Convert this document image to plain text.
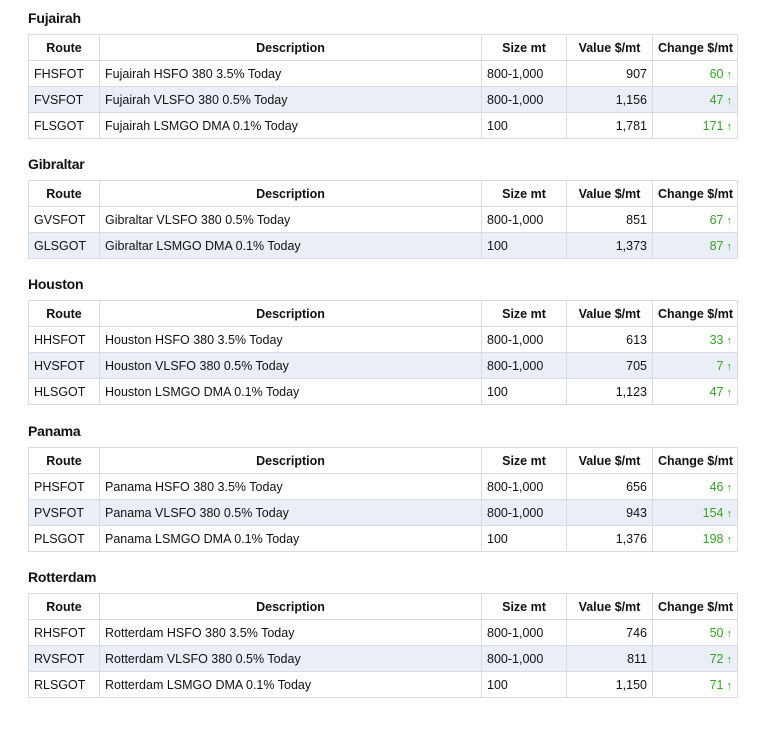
Fujairah
Route	Description	Size mt	Value $/mt	Change $/mt
FHSFOT	Fujairah HSFO 380 3.5% Today	800-1,000	907	60 ↑
FVSFOT	Fujairah VLSFO 380 0.5% Today	800-1,000	1,156	47 ↑
FLSGOT	Fujairah LSMGO DMA 0.1% Today	100	1,781	171 ↑
Gibraltar
Route	Description	Size mt	Value $/mt	Change $/mt
GVSFOT	Gibraltar VLSFO 380 0.5% Today	800-1,000	851	67 ↑
GLSGOT	Gibraltar LSMGO DMA 0.1% Today	100	1,373	87 ↑
Houston
Route	Description	Size mt	Value $/mt	Change $/mt
HHSFOT	Houston HSFO 380 3.5% Today	800-1,000	613	33 ↑
HVSFOT	Houston VLSFO 380 0.5% Today	800-1,000	705	7 ↑
HLSGOT	Houston LSMGO DMA 0.1% Today	100	1,123	47 ↑
Panama
Route	Description	Size mt	Value $/mt	Change $/mt
PHSFOT	Panama HSFO 380 3.5% Today	800-1,000	656	46 ↑
PVSFOT	Panama VLSFO 380 0.5% Today	800-1,000	943	154 ↑
PLSGOT	Panama LSMGO DMA 0.1% Today	100	1,376	198 ↑
Rotterdam
Route	Description	Size mt	Value $/mt	Change $/mt
RHSFOT	Rotterdam HSFO 380 3.5% Today	800-1,000	746	50 ↑
RVSFOT	Rotterdam VLSFO 380 0.5% Today	800-1,000	811	72 ↑
RLSGOT	Rotterdam LSMGO DMA 0.1% Today	100	1,150	71 ↑
